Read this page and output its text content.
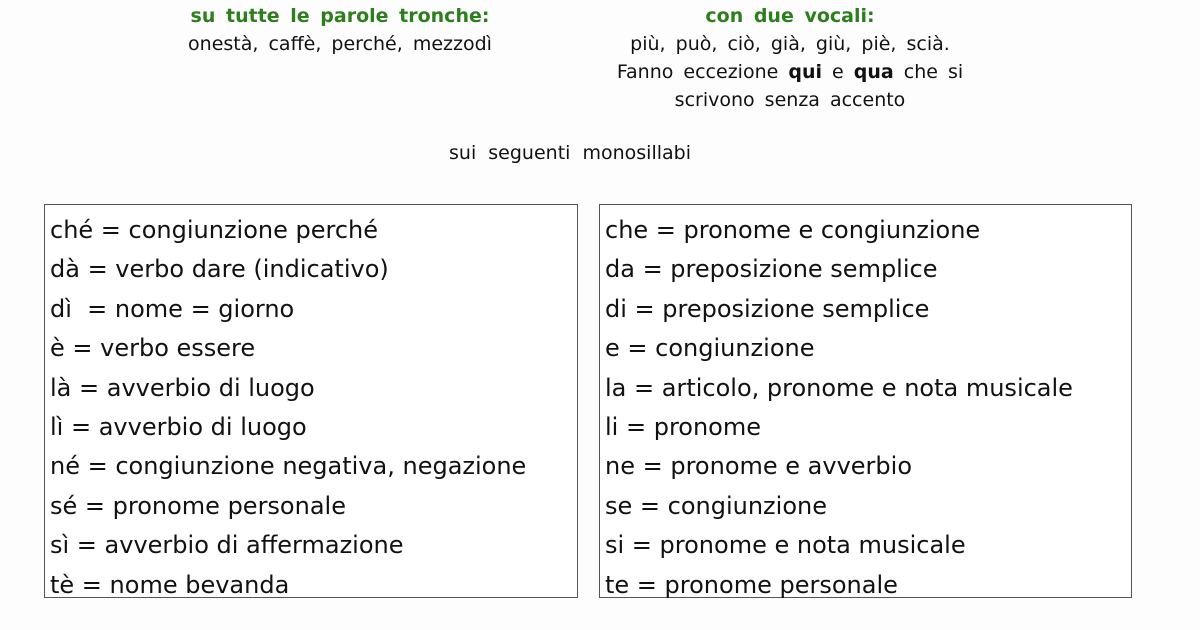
su tutte le parole tronche:
onestà, caffè, perché, mezzodì
con due vocali:
più, può, ciò, già, giù, piè, scià.
Fanno eccezione qui e qua che si
scrivono senza accento
sui seguenti monosillabi
ché = congiunzione perché
dà = verbo dare (indicativo)
dì  = nome = giorno
è = verbo essere
là = avverbio di luogo
lì = avverbio di luogo
né = congiunzione negativa, negazione
sé = pronome personale
sì = avverbio di affermazione
tè = nome bevanda
che = pronome e congiunzione
da = preposizione semplice
di = preposizione semplice
e = congiunzione
la = articolo, pronome e nota musicale
li = pronome
ne = pronome e avverbio
se = congiunzione
si = pronome e nota musicale
te = pronome personale
